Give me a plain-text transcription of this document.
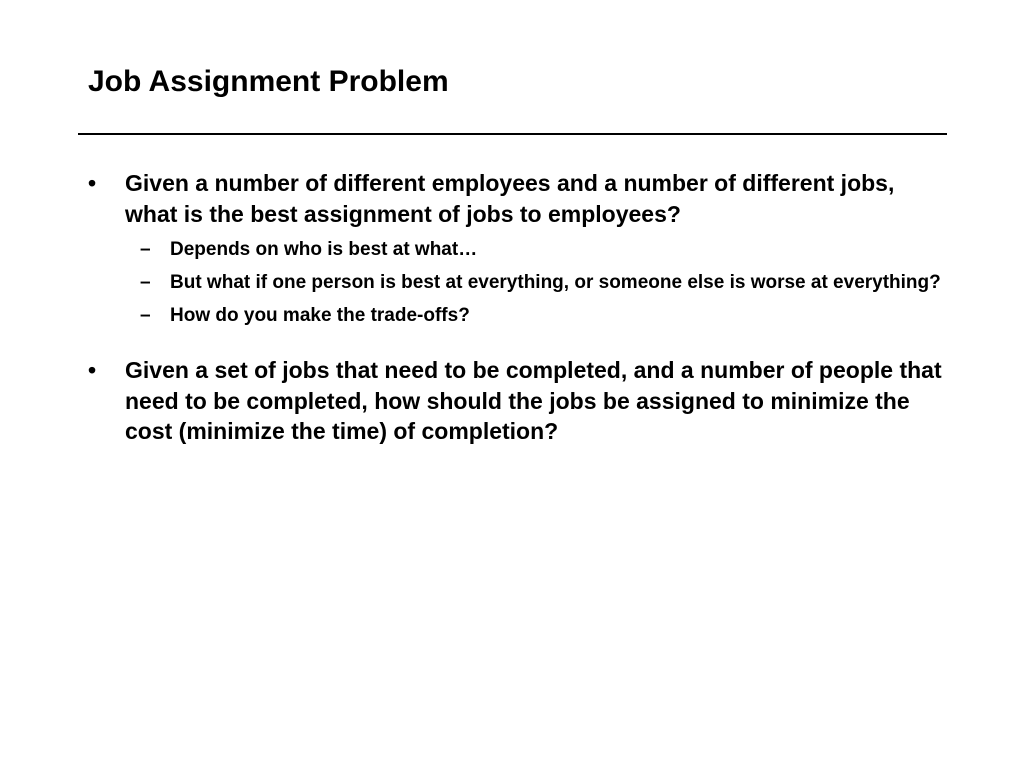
Job Assignment Problem
•	Given a number of different employees and a number of different jobs, what is the best assignment of jobs to employees?
–	Depends on who is best at what…
–	But what if one person is best at everything, or someone else is worse at everything?
–	How do you make the trade-offs?
•	Given a set of jobs that need to be completed, and a number of people that need to be completed, how should the jobs be assigned to minimize the cost (minimize the time) of completion?
